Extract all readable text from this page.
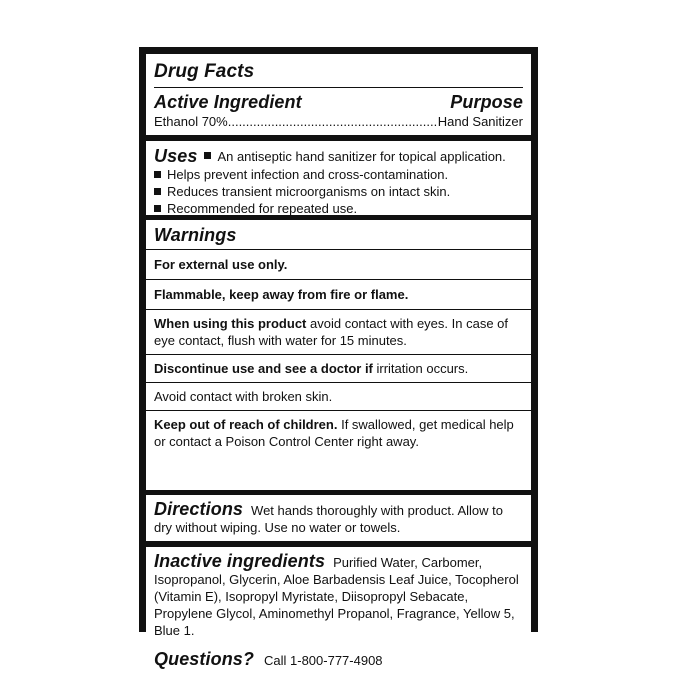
Drug Facts
Active Ingredient	Purpose
Ethanol 70%
.....	Hand Sanitizer
Uses An antiseptic hand sanitizer for topical application.
Helps prevent infection and cross-contamination.
Reduces transient microorganisms on intact skin.
Recommended for repeated use.
Warnings
For external use only.
Flammable, keep away from fire or flame.
When using this product avoid contact with eyes. In case of eye contact, flush with water for 15 minutes.
Discontinue use and see a doctor if irritation occurs.
Avoid contact with broken skin.
Keep out of reach of children. If swallowed, get medical help or contact a Poison Control Center right away.
Directions Wet hands thoroughly with product. Allow to dry without wiping. Use no water or towels.
Inactive ingredients Purified Water, Carbomer, Isopropanol, Glycerin, Aloe Barbadensis Leaf Juice, Tocopherol (Vitamin E), Isopropyl Myristate, Diisopropyl Sebacate, Propylene Glycol, Aminomethyl Propanol, Fragrance, Yellow 5, Blue 1.
Questions? Call 1-800-777-4908
